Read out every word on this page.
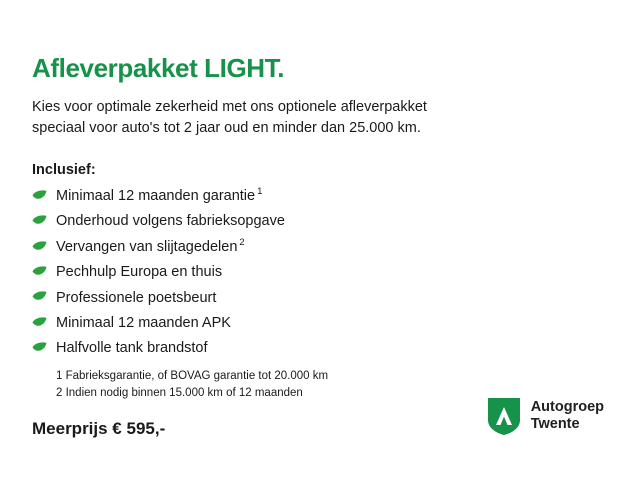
Afleverpakket LIGHT.

Kies voor optimale zekerheid met ons optionele afleverpakket
speciaal voor auto's tot 2 jaar oud en minder dan 25.000 km.

Inclusief:
Minimaal 12 maanden garantie $^1$
Onderhoud volgens fabrieksopgave
Vervangen van slijtagedelen $^2$
Pechhulp Europa en thuis
Professionele poetsbeurt
Minimaal 12 maanden APK
Halfvolle tank brandstof
1 Fabrieksgarantie, of BOVAG garantie tot 20.000 km
2 Indien nodig binnen 15.000 km of 12 maanden
Meerprijs € 595,-
Autogroep
Twente
